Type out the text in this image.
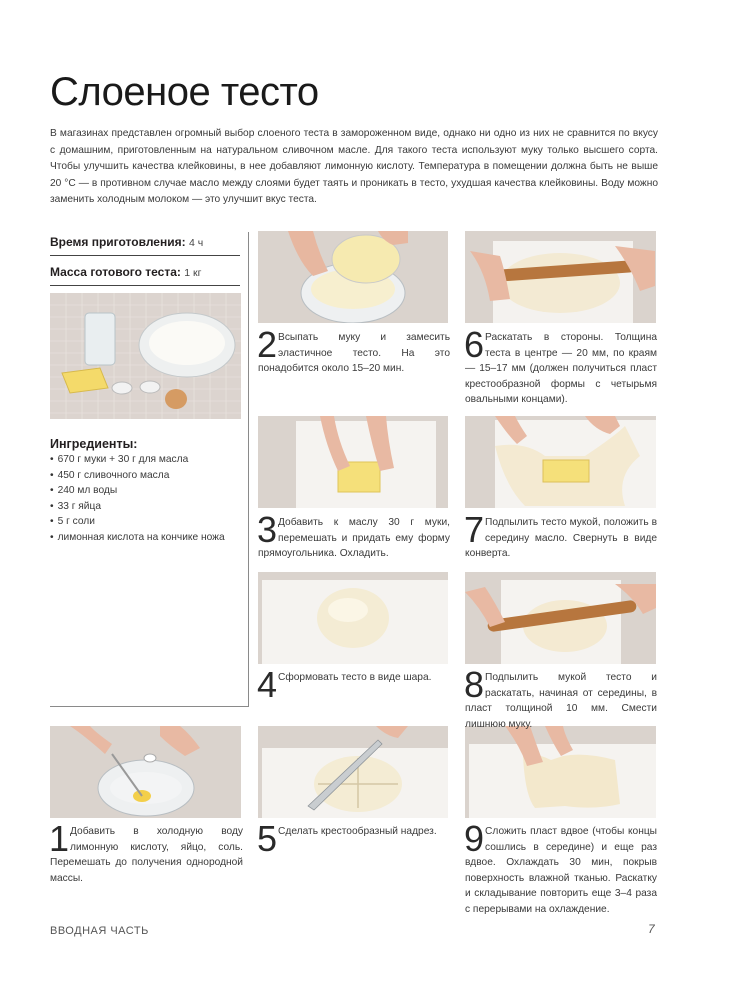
Слоеное тесто
В магазинах представлен огромный выбор слоеного теста в замороженном виде, однако ни одно из них не сравнится по вкусу с домашним, приготовленным на натуральном сливочном масле. Для такого теста используют муку только высшего сорта. Чтобы улучшить качества клейковины, в нее добавляют лимонную кислоту. Температура в помещении должна быть не выше 20 °С — в противном случае масло между слоями будет таять и проникать в тесто, ухудшая качества клейковины. Воду можно заменить холодным молоком — это улучшит вкус теста.
Время приготовления: 4 ч
Масса готового теста: 1 кг
Ингредиенты:
• 670 г муки + 30 г для масла
• 450 г сливочного масла
• 240 мл воды
• 33 г яйца
• 5 г соли
• лимонная кислота на кончике ножа
2 Всыпать муку и замесить эластичное тесто. На это понадобится около 15–20 мин.
6 Раскатать в стороны. Толщина теста в центре — 20 мм, по краям — 15–17 мм (должен получиться пласт крестообразной формы с четырьмя овальными концами).
3 Добавить к маслу 30 г муки, перемешать и придать ему форму прямоугольника. Охладить.
7 Подпылить тесто мукой, положить в середину масло. Свернуть в виде конверта.
4 Сформовать тесто в виде шара. 8 Подпылить мукой тесто и раскатать, начиная от середины, в пласт толщиной 10 мм. Смести лишнюю муку.
1 Добавить в холодную воду лимонную кислоту, яйцо, соль. Перемешать до получения однородной массы.
5 Сделать крестообразный надрез. 9 Сложить пласт вдвое (чтобы концы сошлись в середине) и еще раз вдвое. Охлаждать 30 мин, покрыв поверхность влажной тканью. Раскатку и складывание повторить еще 3–4 раза с перерывами на охлаждение.
ВВОДНАЯ ЧАСТЬ	7
